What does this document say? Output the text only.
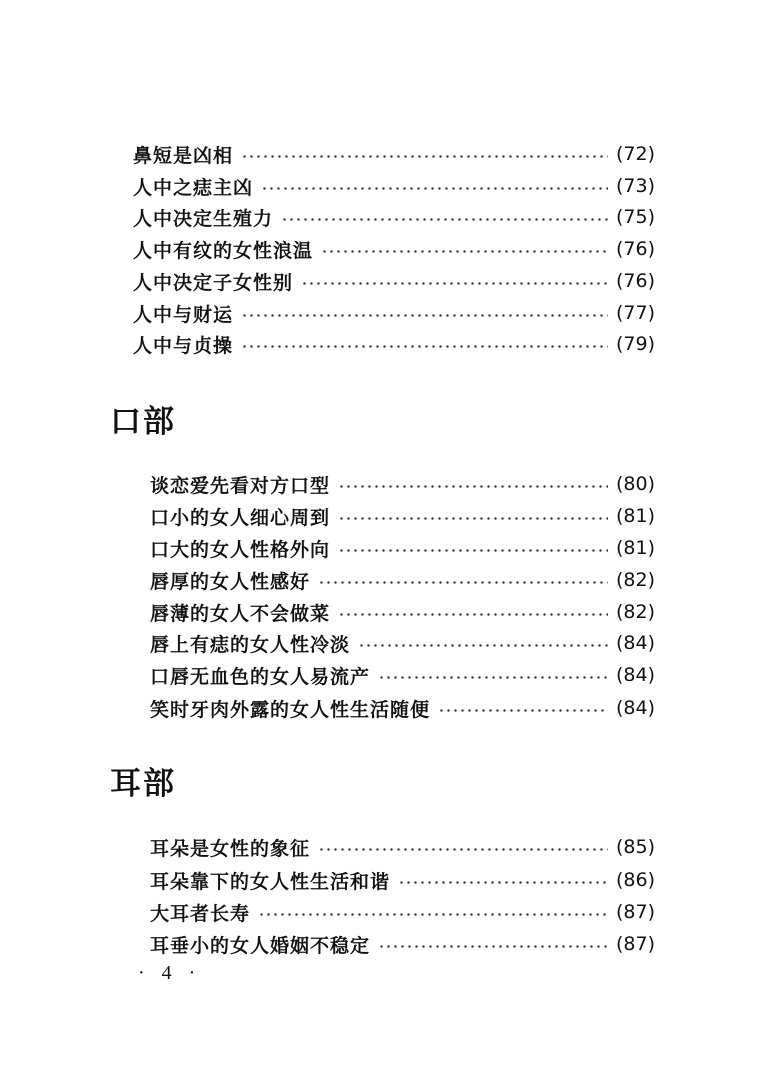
鼻短是凶相	(72)
人中之痣主凶	(73)
人中决定生殖力	(75)
人中有纹的女性浪温	(76)
人中决定子女性别	(76)
人中与财运	(77)
人中与贞操	(79)
口部
谈恋爱先看对方口型	(80)
口小的女人细心周到	(81)
口大的女人性格外向	(81)
唇厚的女人性感好	(82)
唇薄的女人不会做菜	(82)
唇上有痣的女人性冷淡	(84)
口唇无血色的女人易流产	(84)
笑时牙肉外露的女人性生活随便	(84)
耳部
耳朵是女性的象征	(85)
耳朵靠下的女人性生活和谐	(86)
大耳者长寿	(87)
耳垂小的女人婚姻不稳定	(87)
· 4 ·
